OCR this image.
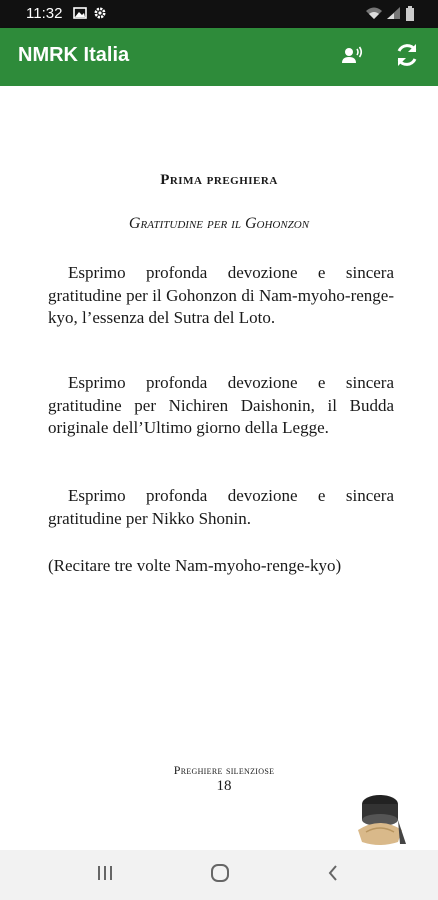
11:32
NMRK Italia
Prima preghiera
Gratitudine per il Gohonzon
Esprimo profonda devozione e sincera gratitudine per il Gohonzon di Nam-myoho-renge-kyo, l’essenza del Sutra del Loto.
Esprimo profonda devozione e sincera gratitudine per Nichiren Daishonin, il Budda originale dell’Ultimo giorno della Legge.
Esprimo profonda devozione e sincera gratitudine per Nikko Shonin.
(Recitare tre volte Nam-myoho-renge-kyo)
Preghiere silenziose
18
